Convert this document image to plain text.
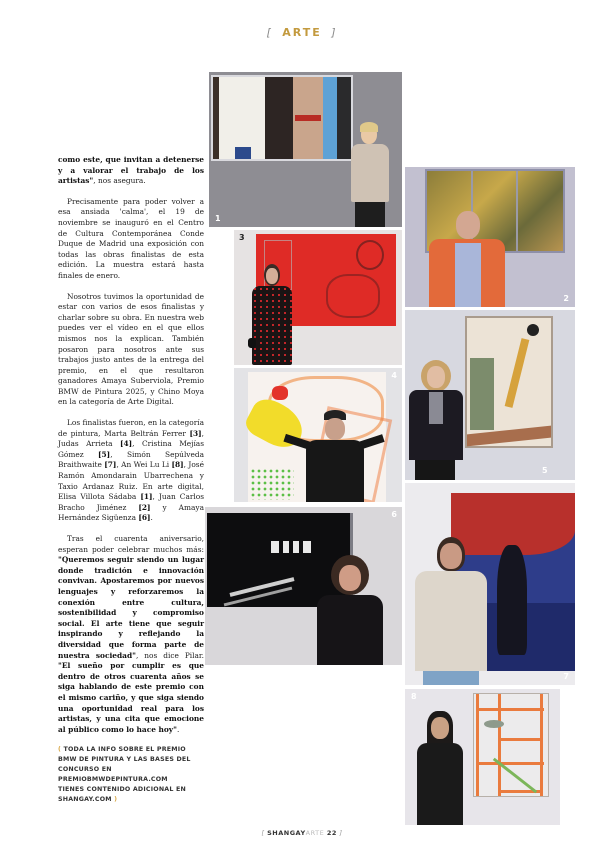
[ ARTE ]

como este, que invitan a detenerse y a valorar el trabajo de los artistas", nos asegura.

Precisamente para poder volver a esa ansiada 'calma', el 19 de noviembre se inauguró en el Centro de Cultura Contemporánea Conde Duque de Madrid una exposición con todas las obras finalistas de esta edición. La muestra estará hasta finales de enero.

Nosotros tuvimos la oportunidad de estar con varios de esos finalistas y charlar sobre su obra. En nuestra web puedes ver el vídeo en el que ellos mismos nos la explican. También posaron para nosotros ante sus trabajos justo antes de la entrega del premio, en el que resultaron ganadores Amaya Suberviola, Premio BMW de Pintura 2025, y Chino Moya en la categoría de Arte Digital.

Los finalistas fueron, en la categoría de pintura, Marta Beltrán Ferrer [3], Judas Arrieta [4], Cristina Mejías Gómez [5], Simón Sepúlveda Braithwaite [7], An Wei Lu Li [8], José Ramón Amondarain Ubarrechena y Taxio Ardanaz Ruiz. En arte digital, Elisa Villota Sádaba [1], Juan Carlos Bracho Jiménez [2] y Amaya Hernández Sigüenza [6].

Tras el cuarenta aniversario, esperan poder celebrar muchos más: "Queremos seguir siendo un lugar donde tradición e innovación convivan. Apostaremos por nuevos lenguajes y reforzaremos la conexión entre cultura, sostenibilidad y compromiso social. El arte tiene que seguir inspirando y reflejando la diversidad que forma parte de nuestra sociedad", nos dice Pilar. "El sueño por cumplir es que dentro de otros cuarenta años se siga hablando de este premio con el mismo cariño, y que siga siendo una oportunidad real para los artistas, y una cita que emocione al público como lo hace hoy".

( TODA LA INFO SOBRE EL PREMIO BMW DE PINTURA Y LAS BASES DEL CONCURSO EN
PREMIOBMWDEPINTURA.COM
TIENES CONTENIDO ADICIONAL EN
SHANGAY.COM )
1
2
3
4
5
6
7
8
[ SHANGAYARTE 22 ]
